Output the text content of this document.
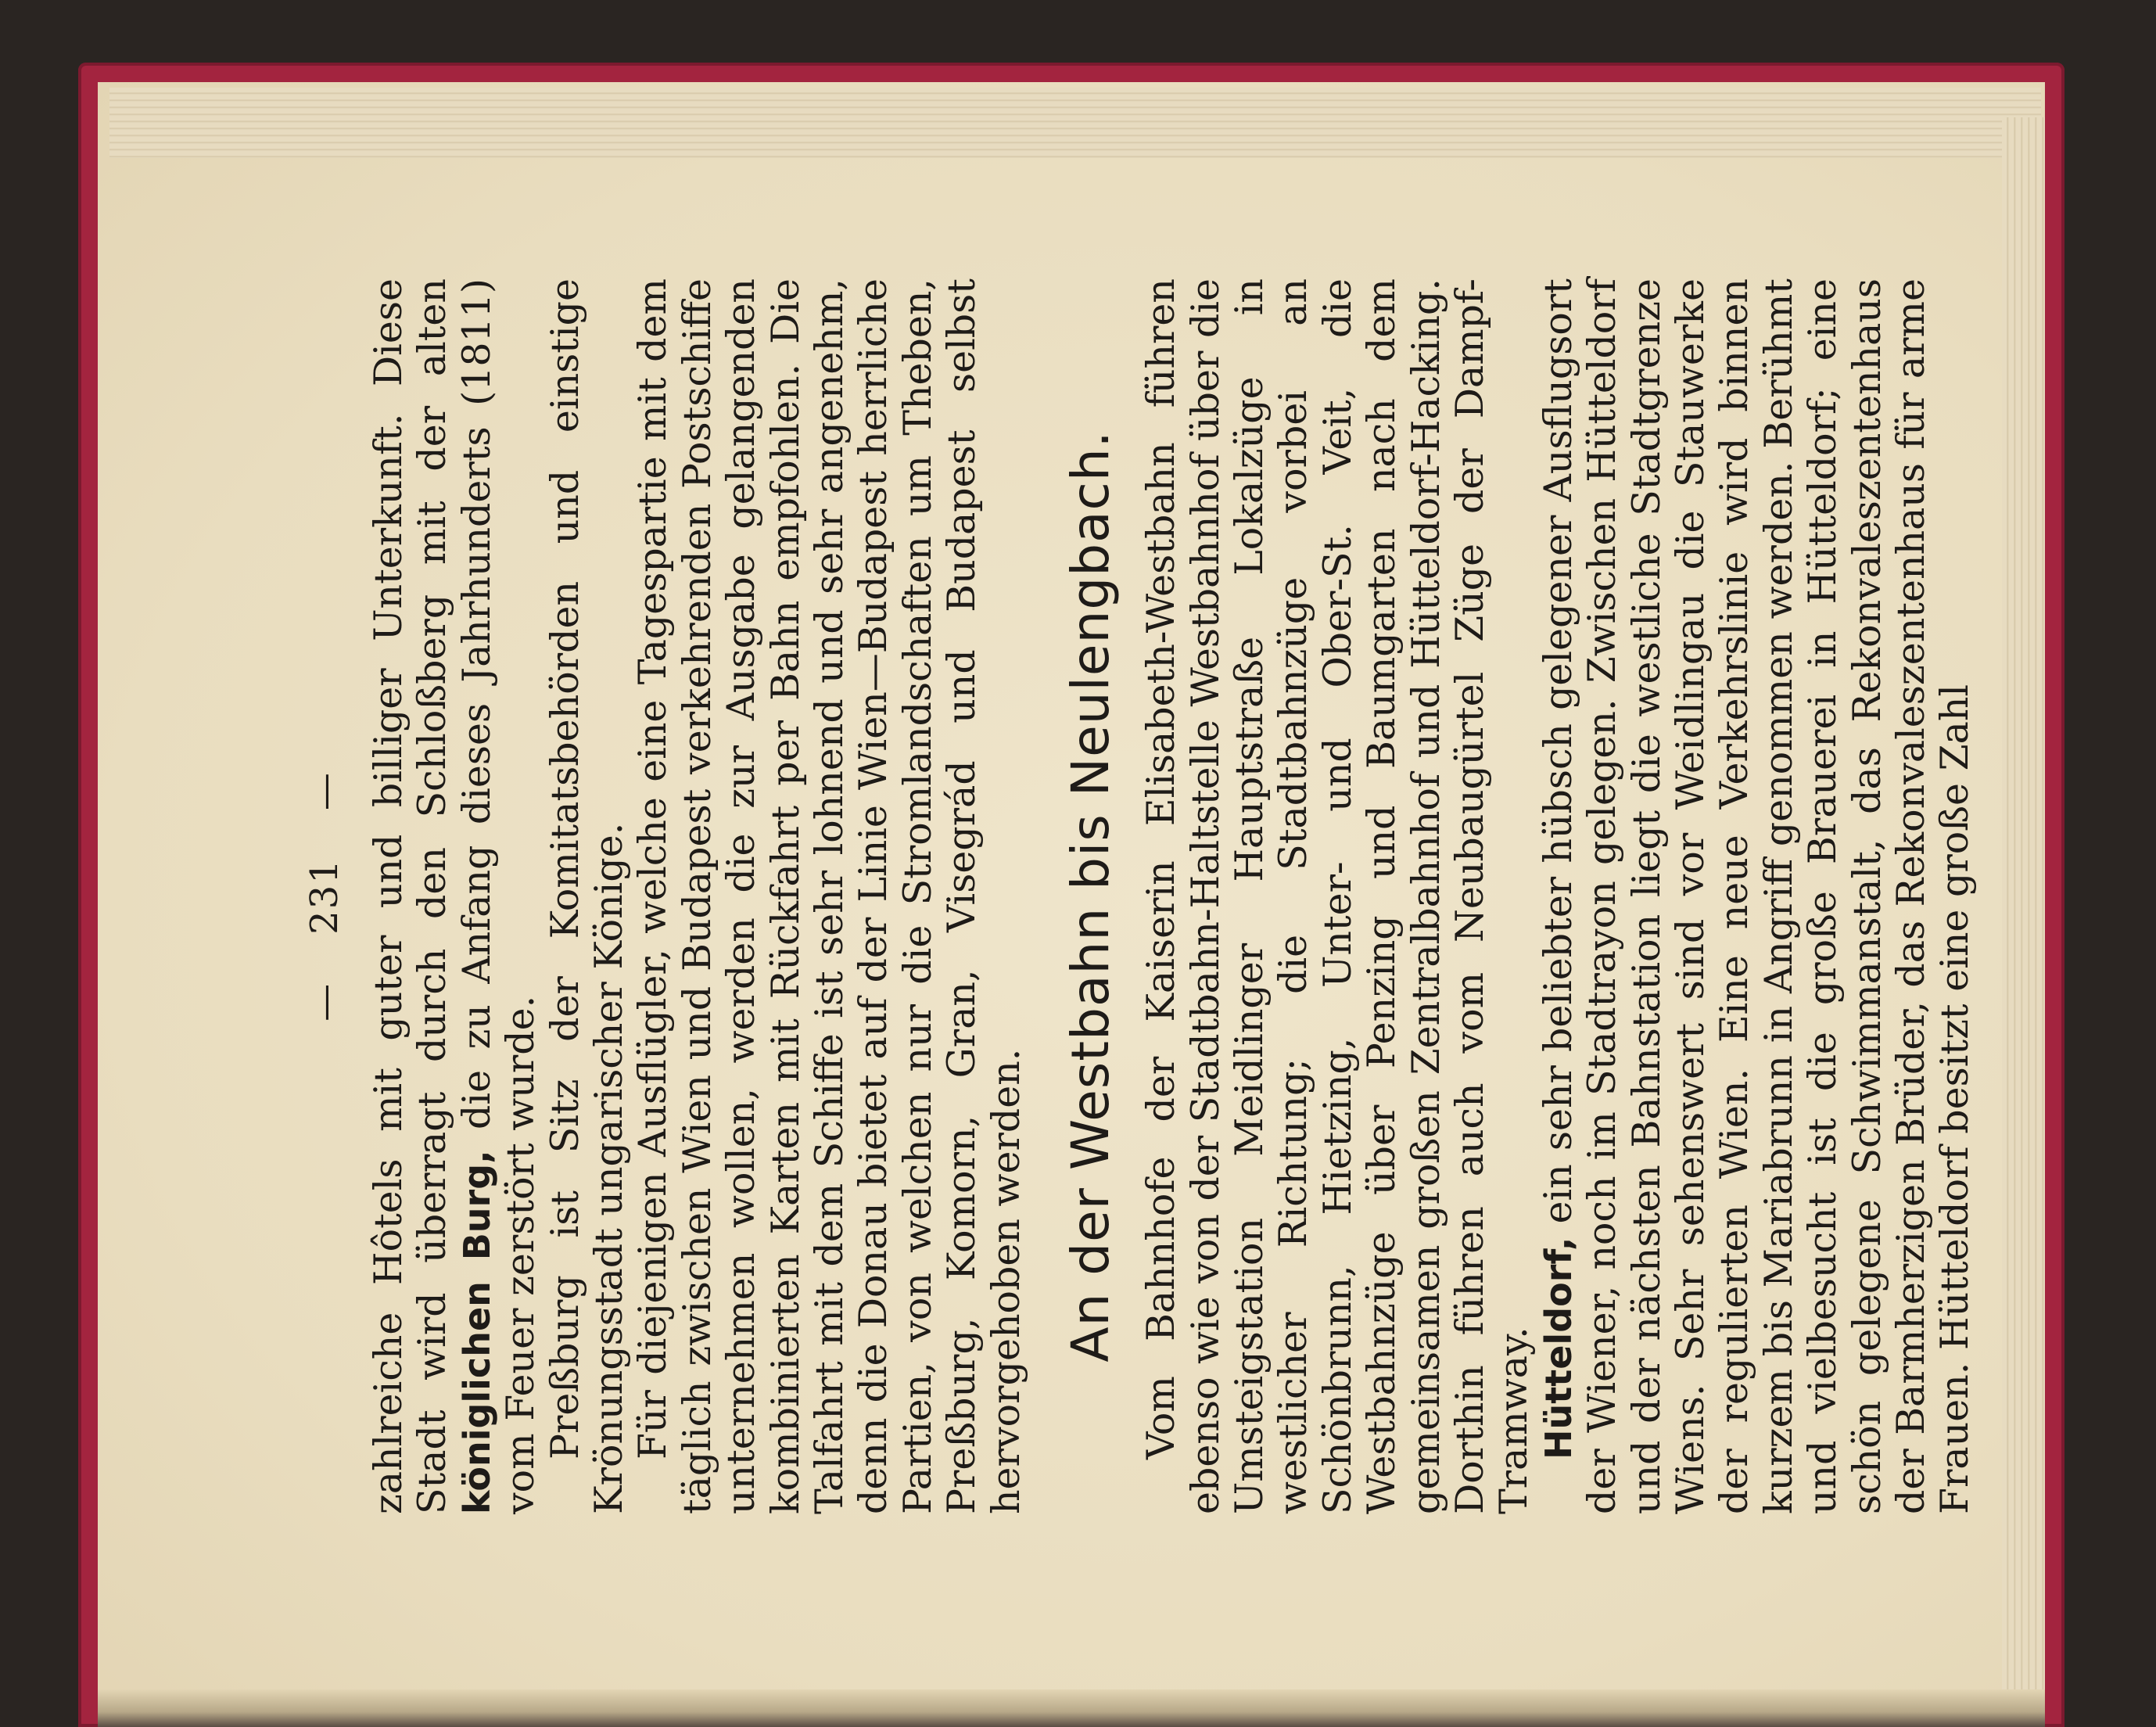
—    231    — zahlreiche Hôtels mit guter und billiger Unterkunft. Diese Stadt wird überragt durch den Schloßberg mit der alten königlichen Burg, die zu Anfang dieses Jahrhunderts (1811) vom Feuer zerstört wurde. Preßburg ist Sitz der Komitatsbehörden und einstige Krönungsstadt ungarischer Könige. Für diejenigen Ausflügler, welche eine Tagespartie mit dem täglich zwischen Wien und Budapest verkehrenden Postschiffe unternehmen wollen, werden die zur Ausgabe gelangenden kombinierten Karten mit Rückfahrt per Bahn empfohlen. Die Talfahrt mit dem Schiffe ist sehr lohnend und sehr angenehm, denn die Donau bietet auf der Linie Wien—Budapest herrliche Partien, von welchen nur die Stromlandschaften um Theben, Preßburg, Komorn, Gran, Visegrád und Budapest selbst hervorgehoben werden. An der Westbahn bis Neulengbach. Vom Bahnhofe der Kaiserin Elisabeth-Westbahn führen ebenso wie von der Stadtbahn-Haltstelle Westbahnhof über die Umsteigstation Meidlinger Hauptstraße Lokalzüge in westlicher Richtung; die Stadtbahnzüge vorbei an Schönbrunn, Hietzing, Unter- und Ober-St. Veit, die Westbahnzüge über Penzing und Baumgarten nach dem gemeinsamen großen Zentralbahnhof und Hütteldorf-Hacking. Dorthin führen auch vom Neubaugürtel Züge der Dampf-Tramway. Hütteldorf, ein sehr beliebter hübsch gelegener Ausflugsort der Wiener, noch im Stadtrayon gelegen. Zwischen Hütteldorf und der nächsten Bahnstation liegt die westliche Stadtgrenze Wiens. Sehr sehenswert sind vor Weidlingau die Stauwerke der regulierten Wien. Eine neue Verkehrslinie wird binnen kurzem bis Mariabrunn in Angriff genommen werden. Berühmt und vielbesucht ist die große Brauerei in Hütteldorf; eine schön gelegene Schwimmanstalt, das Rekonvaleszentenhaus der Barmherzigen Brüder, das Rekonvaleszentenhaus für arme Frauen. Hütteldorf besitzt eine große Zahl
